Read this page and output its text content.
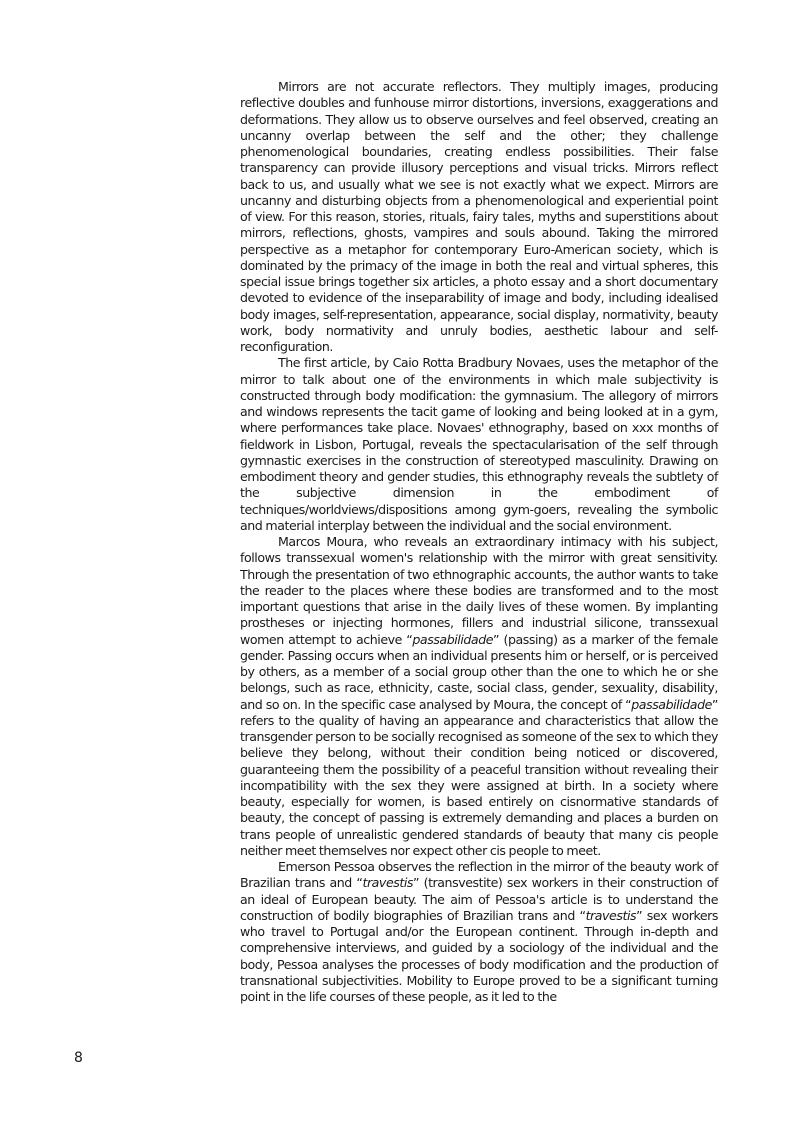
Mirrors are not accurate reflectors. They multiply images, producing reflective doubles and funhouse mirror distortions, inversions, exaggerations and deformations. They allow us to observe ourselves and feel observed, creating an uncanny overlap between the self and the other; they challenge phenomenological boundaries, creating endless possibilities. Their false transparency can provide illusory perceptions and visual tricks. Mirrors reflect back to us, and usually what we see is not exactly what we expect. Mirrors are uncanny and disturbing objects from a phenomenological and experiential point of view. For this reason, stories, rituals, fairy tales, myths and superstitions about mirrors, reflections, ghosts, vampires and souls abound. Taking the mirrored perspective as a metaphor for contemporary Euro-American society, which is dominated by the primacy of the image in both the real and virtual spheres, this special issue brings together six articles, a photo essay and a short documentary devoted to evidence of the inseparability of image and body, including idealised body images, self-representation, appearance, social display, normativity, beauty work, body normativity and unruly bodies, aesthetic labour and self-reconfiguration.

The first article, by Caio Rotta Bradbury Novaes, uses the metaphor of the mirror to talk about one of the environments in which male subjectivity is constructed through body modification: the gymnasium. The allegory of mirrors and windows represents the tacit game of looking and being looked at in a gym, where performances take place. Novaes' ethnography, based on xxx months of fieldwork in Lisbon, Portugal, reveals the spectacularisation of the self through gymnastic exercises in the construction of stereotyped masculinity. Drawing on embodiment theory and gender studies, this ethnography reveals the subtlety of the subjective dimension in the embodiment of techniques/worldviews/dispositions among gym-goers, revealing the symbolic and material interplay between the individual and the social environment.

Marcos Moura, who reveals an extraordinary intimacy with his subject, follows transsexual women's relationship with the mirror with great sensitivity. Through the presentation of two ethnographic accounts, the author wants to take the reader to the places where these bodies are transformed and to the most important questions that arise in the daily lives of these women. By implanting prostheses or injecting hormones, fillers and industrial silicone, transsexual women attempt to achieve “passabilidade” (passing) as a marker of the female gender. Passing occurs when an individual presents him or herself, or is perceived by others, as a member of a social group other than the one to which he or she belongs, such as race, ethnicity, caste, social class, gender, sexuality, disability, and so on. In the specific case analysed by Moura, the concept of “passabilidade” refers to the quality of having an appearance and characteristics that allow the transgender person to be socially recognised as someone of the sex to which they believe they belong, without their condition being noticed or discovered, guaranteeing them the possibility of a peaceful transition without revealing their incompatibility with the sex they were assigned at birth. In a society where beauty, especially for women, is based entirely on cisnormative standards of beauty, the concept of passing is extremely demanding and places a burden on trans people of unrealistic gendered standards of beauty that many cis people neither meet themselves nor expect other cis people to meet.

Emerson Pessoa observes the reflection in the mirror of the beauty work of Brazilian trans and “travestis” (transvestite) sex workers in their construction of an ideal of European beauty. The aim of Pessoa's article is to understand the construction of bodily biographies of Brazilian trans and “travestis” sex workers who travel to Portugal and/or the European continent. Through in-depth and comprehensive interviews, and guided by a sociology of the individual and the body, Pessoa analyses the processes of body modification and the production of transnational subjectivities. Mobility to Europe proved to be a significant turning point in the life courses of these people, as it led to the

8
